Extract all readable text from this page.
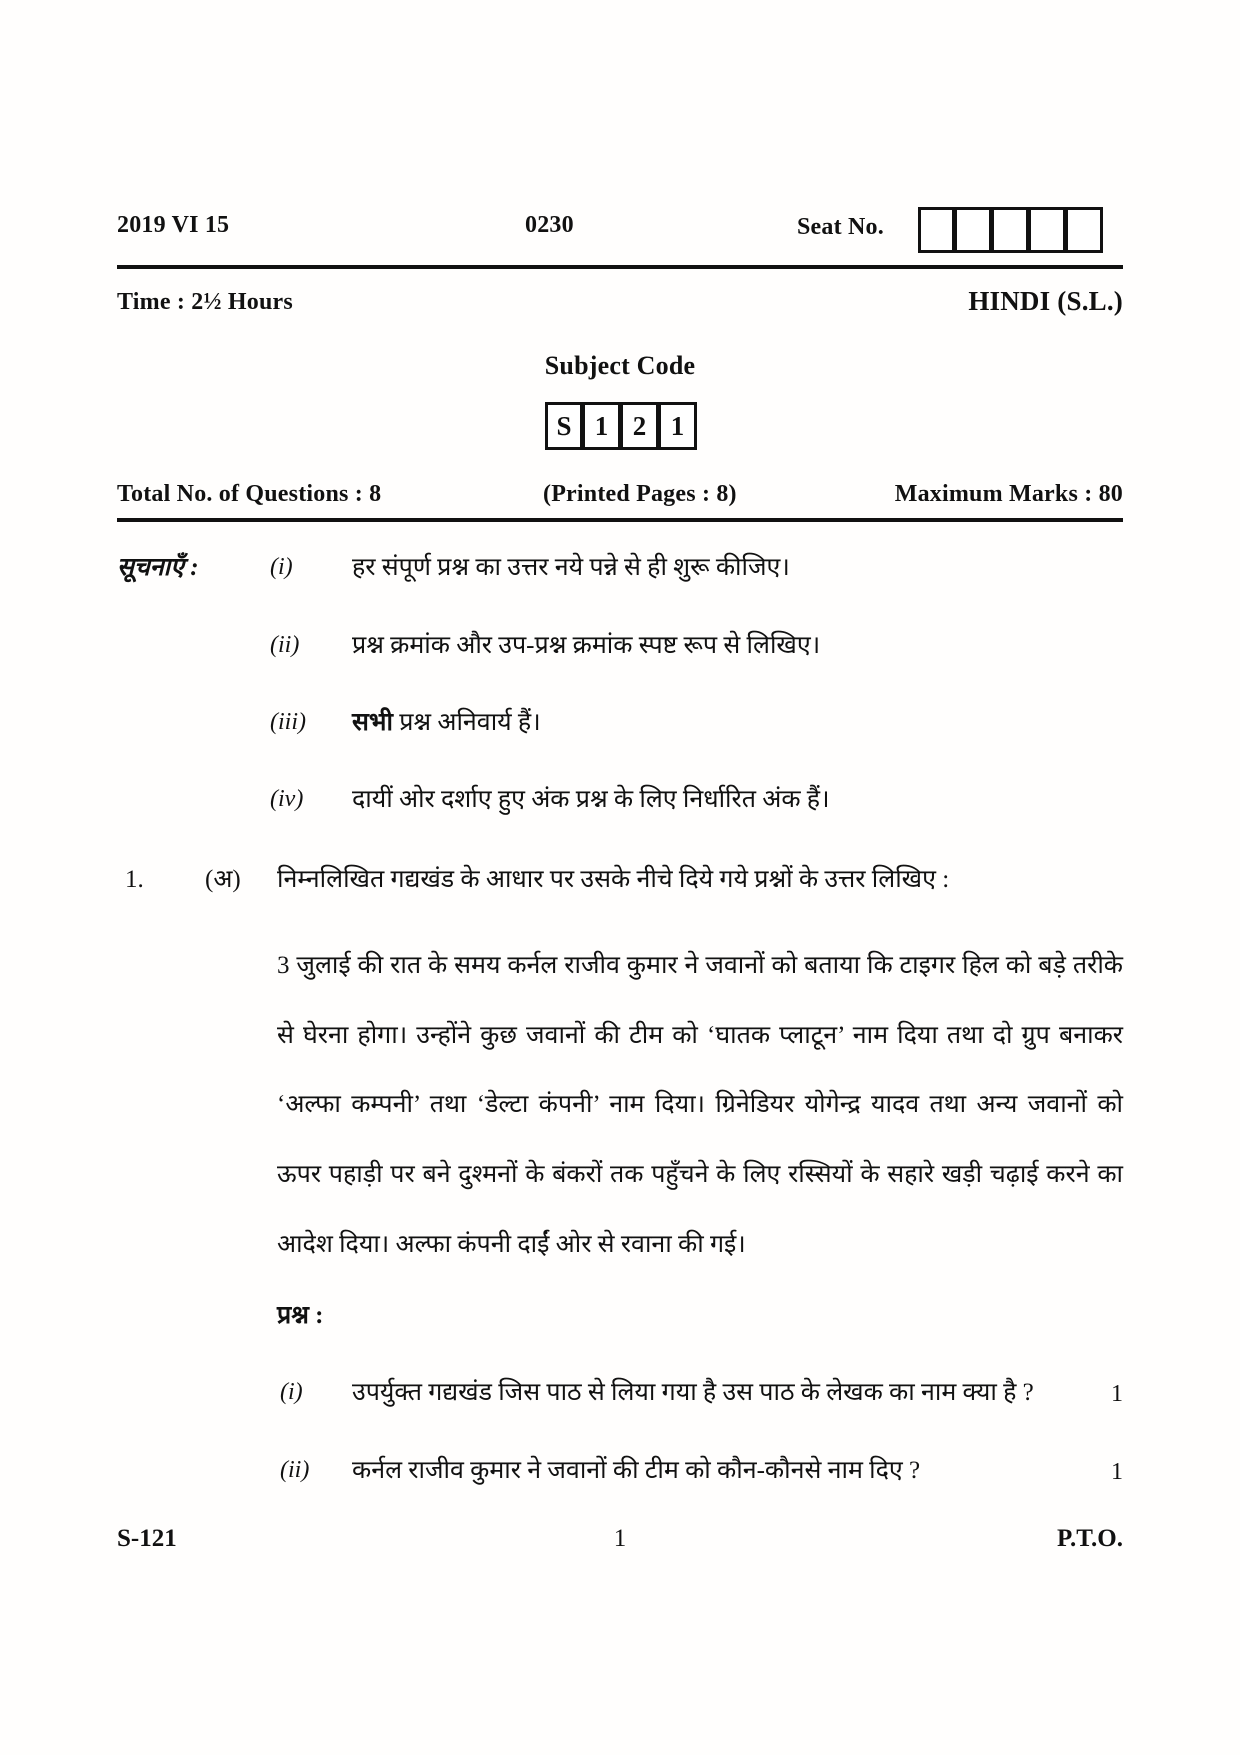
2019 VI 15	0230	Seat No.
Time : 2½ Hours	HINDI (S.L.)
Subject Code
S 1 2 1
Total No. of Questions : 8	(Printed Pages : 8)	Maximum Marks : 80
सूचनाएँ :	(i) हर संपूर्ण प्रश्न का उत्तर नये पन्ने से ही शुरू कीजिए।
(ii) प्रश्न क्रमांक और उप-प्रश्न क्रमांक स्पष्ट रूप से लिखिए।
(iii) सभी प्रश्न अनिवार्य हैं।
(iv) दायीं ओर दर्शाए हुए अंक प्रश्न के लिए निर्धारित अंक हैं।
1. (अ) निम्नलिखित गद्यखंड के आधार पर उसके नीचे दिये गये प्रश्नों के उत्तर लिखिए :
3 जुलाई की रात के समय कर्नल राजीव कुमार ने जवानों को बताया कि टाइगर हिल को बड़े तरीके
से घेरना होगा। उन्होंने कुछ जवानों की टीम को ‘घातक प्लाटून’ नाम दिया तथा दो ग्रुप बनाकर
‘अल्फा कम्पनी’ तथा ‘डेल्टा कंपनी’ नाम दिया। ग्रिनेडियर योगेन्द्र यादव तथा अन्य जवानों को
ऊपर पहाड़ी पर बने दुश्मनों के बंकरों तक पहुँचने के लिए रस्सियों के सहारे खड़ी चढ़ाई करने का
आदेश दिया। अल्फा कंपनी दाईं ओर से रवाना की गई।
प्रश्न :
(i) उपर्युक्त गद्यखंड जिस पाठ से लिया गया है उस पाठ के लेखक का नाम क्या है ?	1
(ii) कर्नल राजीव कुमार ने जवानों की टीम को कौन-कौनसे नाम दिए ?	1
S-121	1	P.T.O.
